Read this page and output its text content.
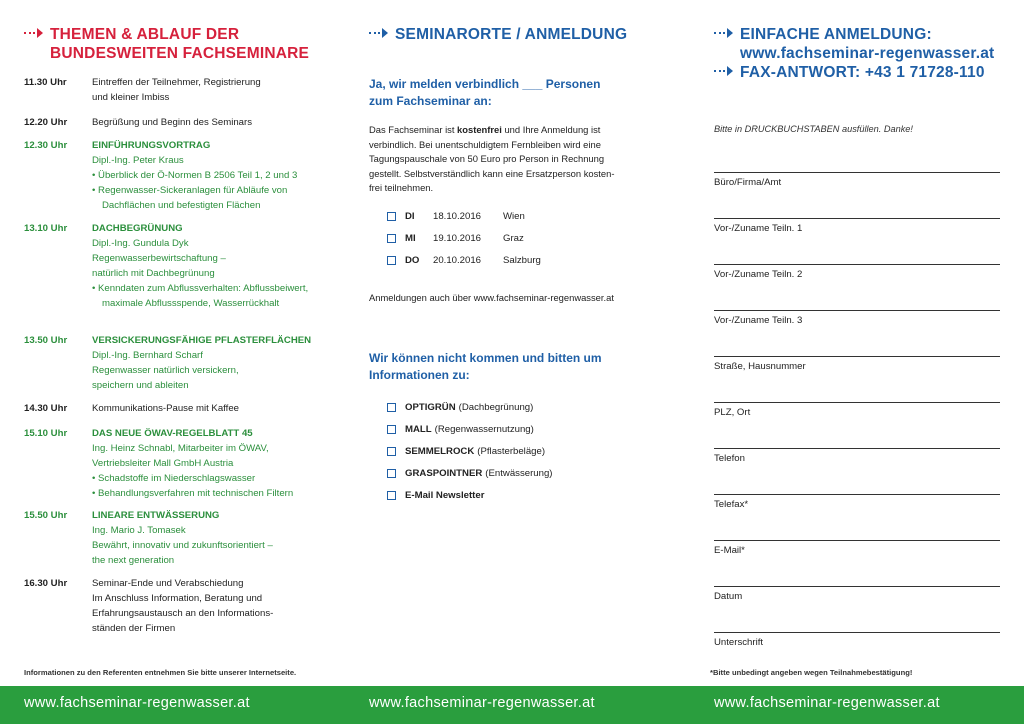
THEMEN & ABLAUF DER
BUNDESWEITEN FACHSEMINARE
11.30 Uhr	Eintreffen der Teilnehmer, Registrierung
und kleiner Imbiss
12.20 Uhr	Begrüßung und Beginn des Seminars
12.30 Uhr	EINFÜHRUNGSVORTRAG
Dipl.-Ing. Peter Kraus
• Überblick der Ö-Normen B 2506 Teil 1, 2 und 3
• Regenwasser-Sickeranlagen für Abläufe von Dachflächen und befestigten Flächen
13.10 Uhr	DACHBEGRÜNUNG
Dipl.-Ing. Gundula Dyk
Regenwasserbewirtschaftung –
natürlich mit Dachbegrünung
• Kenndaten zum Abflussverhalten: Abflussbeiwert, maximale Abflussspende, Wasserrückhalt
13.50 Uhr	VERSICKERUNGSFÄHIGE PFLASTERFLÄCHEN
Dipl.-Ing. Bernhard Scharf
Regenwasser natürlich versickern,
speichern und ableiten
14.30 Uhr	Kommunikations-Pause mit Kaffee
15.10 Uhr	DAS NEUE ÖWAV-REGELBLATT 45
Ing. Heinz Schnabl, Mitarbeiter im ÖWAV,
Vertriebsleiter Mall GmbH Austria
• Schadstoffe im Niederschlagswasser
• Behandlungsverfahren mit technischen Filtern
15.50 Uhr	LINEARE ENTWÄSSERUNG
Ing. Mario J. Tomasek
Bewährt, innovativ und zukunftsorientiert –
the next generation
16.30 Uhr	Seminar-Ende und Verabschiedung
Im Anschluss Information, Beratung und
Erfahrungsaustausch an den Informations-
ständen der Firmen
Informationen zu den Referenten entnehmen Sie bitte unserer Internetseite.
SEMINARORTE / ANMELDUNG
Ja, wir melden verbindlich ___ Personen
zum Fachseminar an:
Das Fachseminar ist kostenfrei und Ihre Anmeldung ist
verbindlich. Bei unentschuldigtem Fernbleiben wird eine
Tagungspauschale von 50 Euro pro Person in Rechnung
gestellt. Selbstverständlich kann eine Ersatzperson kosten-
frei teilnehmen.
DI	18.10.2016	Wien
MI	19.10.2016	Graz
DO	20.10.2016	Salzburg
Anmeldungen auch über www.fachseminar-regenwasser.at
Wir können nicht kommen und bitten um
Informationen zu:
OPTIGRÜN (Dachbegrünung)
MALL (Regenwassernutzung)
SEMMELROCK (Pflasterbeläge)
GRASPOINTNER (Entwässerung)
E-Mail Newsletter
EINFACHE ANMELDUNG:
www.fachseminar-regenwasser.at
FAX-ANTWORT: +43 1 71728-110
Bitte in DRUCKBUCHSTABEN ausfüllen. Danke!
Büro/Firma/Amt
Vor-/Zuname Teiln. 1
Vor-/Zuname Teiln. 2
Vor-/Zuname Teiln. 3
Straße, Hausnummer
PLZ, Ort
Telefon
Telefax*
E-Mail*
Datum
Unterschrift
*Bitte unbedingt angeben wegen Teilnahmebestätigung!
www.fachseminar-regenwasser.at	www.fachseminar-regenwasser.at	www.fachseminar-regenwasser.at
